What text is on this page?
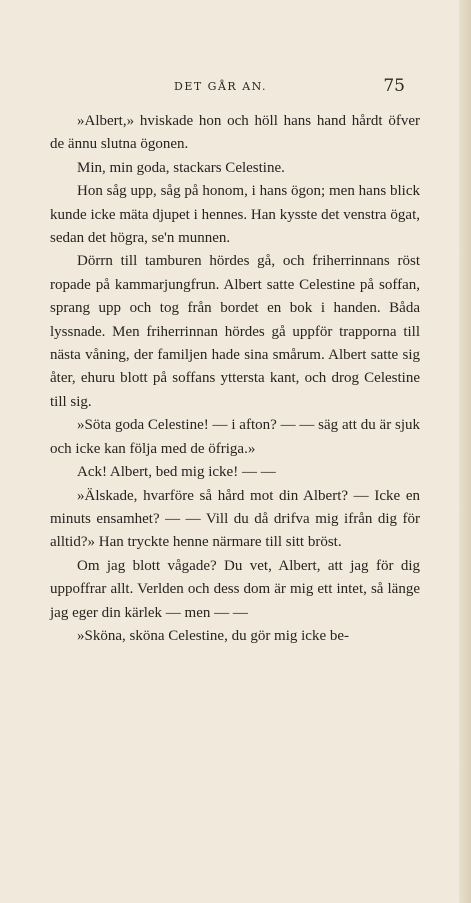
DET GÅR AN.	75

»Albert,» hviskade hon och höll hans hand hårdt öfver de ännu slutna ögonen.

Min, min goda, stackars Celestine.

Hon såg upp, såg på honom, i hans ögon; men hans blick kunde icke mäta djupet i hennes. Han kysste det venstra ögat, sedan det högra, se'n munnen.

Dörrn till tamburen hördes gå, och friherrinnans röst ropade på kammarjungfrun. Albert satte Celestine på soffan, sprang upp och tog från bordet en bok i handen. Båda lyssnade. Men friherrinnan hördes gå uppför trapporna till nästa våning, der familjen hade sina smårum. Albert satte sig åter, ehuru blott på soffans yttersta kant, och drog Celestine till sig.

»Söta goda Celestine! — i afton? — — säg att du är sjuk och icke kan följa med de öfriga.»

Ack! Albert, bed mig icke! — —

»Älskade, hvarföre så hård mot din Albert? — Icke en minuts ensamhet? — — Vill du då drifva mig ifrån dig för alltid?» Han tryckte henne närmare till sitt bröst.

Om jag blott vågade? Du vet, Albert, att jag för dig uppoffrar allt. Verlden och dess dom är mig ett intet, så länge jag eger din kärlek — men — —

»Sköna, sköna Celestine, du gör mig icke be-
